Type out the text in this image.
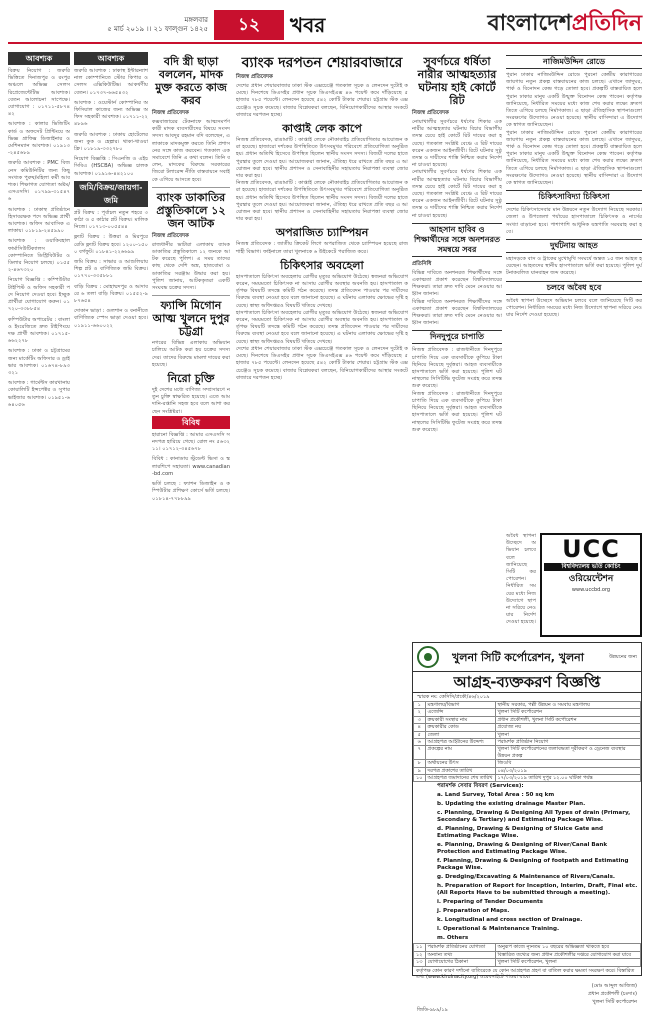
মঙ্গলবার
৫ মার্চ ২০১৯ ।। ২১ ফাল্গুন ১৪২৫	১২	খবর	বাংলাদেশপ্রতিদিন
আবশ্যক

বিক্রয় নিয়োগ : জরুরি ভিত্তিতে দিনাজপুর ও রংপুর অঞ্চলে অভিজ্ঞ সেলস রিপ্রেজেন্টেটিভ আবশ্যক। বেতন আলোচনা সাপেক্ষে। যোগাযোগ : ০১৭১১-৫৮৭৪৪২

আবশ্যক : কালার ভিজিটিং কার্ড ও অফসেট প্রিন্টিংয়ে অভিজ্ঞ গ্রাফিক্স ডিজাইনার ও মেশিনম্যান আবশ্যক। ০১৯১৩-২৪৫৬৮৯

জরুরি আবশ্যক : PMC বিজনেস কমিউনিটির জন্য কিছু সংখ্যক পুরুষ/মহিলা কর্মী আবশ্যক। শিক্ষাগত যোগ্যতা অষ্টম/এসএসসি। ০১৭৯৯-৩১৫৪৭৬

আবশ্যক : ঢাকাস্থ প্রতিষ্ঠানে হিসাবরক্ষক পদে অভিজ্ঞ প্রার্থী আবশ্যক। অফিস আবাসিক এলাকায়। ০১৮১৯-২৪৫৯৯০

আবশ্যক : ওয়াকিবহাল ফার্মাসিউটিক্যালস কোম্পানিতে ডিস্ট্রিবিউটর ও ডিলার নিয়োগ চলছে। ০১৫৫২-৪৬৭৩২০

নিয়োগ বিজ্ঞপ্তি : কম্পিউটার টাইপিস্ট ও অফিস সহকারী পদে নিয়োগ দেওয়া হবে। ইচ্ছুক প্রার্থীরা যোগাযোগ করুন। ০১৭২০-৩৩৮৮৫৪

কম্পিউটার অপারেটর : বাংলা ও ইংরেজিতে দ্রুত টাইপিংয়ে দক্ষ প্রার্থী আবশ্যক। ০১৭১৫-৬৬২২৭৮

আবশ্যক : ঢাকা ও চট্টগ্রামের জন্য মার্কেটিং অফিসার ও ড্রাইভার আবশ্যক। ০১৬৭৪-৮৯৩৩২১

আবশ্যক : গার্মেন্টস কারখানায় কোয়ালিটি ইন্সপেক্টর ও সুপারভাইজার আবশ্যক। ০১৯৫১-৬৬৪০৫৬

আবশ্যক

জরুরি আবশ্যক : ঢাকাস্থ ইন্টারন্যাশনাল কোম্পানিতে স্টোর কিপার ও সেলস এক্সিকিউটিভ। আকর্ষণীয় বেতন। ০১৭৩৭-৬৬৫৪৩২

আবশ্যক : ওয়েস্টার্ন কোম্পানির অফিসিয়াল কাজের জন্য অভিজ্ঞ অফিস সহকারী আবশ্যক। ০১৭১১-২২৪৮৯৬

জরুরি আবশ্যক : ঢাকায় হোটেলের জন্য কুক ও হেল্পার। থাকা-খাওয়া ফ্রি। ০১৮১৯-৩৩২৭৮০

নিয়োগ বিজ্ঞপ্তি : সিএনজি ও এইচসিবিএ (HSCBA) অভিজ্ঞ চালক আবশ্যক। ০১৯১৬-৪৪২১০০

জমি/বিক্রয়/জায়গা-জমি

প্লট বিক্রয় : পূর্বাচল নতুন শহরে ৩ কাঠা ও ৫ কাঠার প্লট বিক্রয়। মালিক নিজে। ০১৭১৩-০০৫৫৪৪

ফ্ল্যাট বিক্রয় : উত্তরা ও মিরপুরে রেডি ফ্ল্যাট বিক্রয় হবে। ১২০০-১৫০০ বর্গফুট। ০১৮৪১-২২৬৬৯৯

জমি বিক্রয় : সাভার ও আশুলিয়ায় শিল্প প্লট ও বাণিজ্যিক জমি বিক্রয়। ০১৭৭০-৩৩৫৮৮১

বাড়ি বিক্রয় : মোহাম্মদপুর ও আদাবরে ৬ তলা বাড়ি বিক্রয়। ০১৫৫২-৯৮৭৬৫৪

দোকান ভাড়া : গুলশান ও বনানীতে বাণিজ্যিক স্পেস ভাড়া দেওয়া হবে। ০১৯১১-৬৬০০২২

বদি স্ত্রী ছাড়া বললেন, মাদক মুক্ত করতে কাজ করব
নিজস্ব প্রতিবেদক
কক্সবাজারের টেকনাফে আত্মসমর্পণকারী মাদক ব্যবসায়ীদের বিষয়ে সংসদ সদস্য আবদুর রহমান বদি বলেছেন, এলাকাকে মাদকমুক্ত করতে তিনি প্রশাসনের সঙ্গে কাজ করবেন। গতকাল এক সমাবেশে তিনি এ কথা বলেন। তিনি বলেন, মাদকের বিরুদ্ধে সরকারের জিরো টলারেন্স নীতি বাস্তবায়নে সবাইকে এগিয়ে আসতে হবে।
ব্যাংক ডাকাতির প্রস্তুতিকালে ১২ জন আটক
নিজস্ব প্রতিবেদক
রাজধানীর ভাটারা এলাকায় ব্যাংক ডাকাতির প্রস্তুতিকালে ১২ জনকে আটক করেছে পুলিশ। এ সময় তাদের কাছ থেকে দেশি অস্ত্র, হাতবোমা ও ডাকাতির সরঞ্জাম উদ্ধার করা হয়। পুলিশ জানায়, আটককৃতরা একটি সংঘবদ্ধ চক্রের সদস্য।
ফ্যান্সি মিগোন আত্ম খুলনে দুপুর চট্টগ্রা
নগরের বিভিন্ন এলাকায় অভিযান চালিয়ে আটক করা হয় চক্রের সদস্যদের। তাদের বিরুদ্ধে মামলা দায়ের করা হয়েছে।
নিরো চুক্তি
দুই দেশের মধ্যে বাণিজ্য সম্প্রসারণে নতুন চুক্তি স্বাক্ষরিত হয়েছে। এতে আমদানি-রপ্তানি সহজ হবে বলে আশা করছেন সংশ্লিষ্টরা।
বিবিধ

হারানো বিজ্ঞপ্তি : আমার এসএসসি সনদপত্র হারিয়ে গেছে। রোল নং ৫৬৩২১১। ০১৭১২-৩৪৫৬৭৮

বিবিধ : কানাডায় স্টুডেন্ট ভিসা ও স্কলারশিপে সহায়তা। www.canadian-bd.com

ভর্তি চলছে : ফ্যাশন ডিজাইন ও কম্পিউটার প্রশিক্ষণ কোর্সে ভর্তি চলছে। ০১৮১৪-৭৭৮৮৯৯

ব্যাংক দরপতন শেয়ারবাজারে
নিজস্ব প্রতিবেদক
দেশের প্রধান শেয়ারবাজার ঢাকা স্টক এক্সচেঞ্জে গতকাল সূচক ও লেনদেন দুটোই কমেছে। দিনশেষে ডিএসইর প্রধান সূচক ডিএসইএক্স ৪৬ পয়েন্ট কমে দাঁড়িয়েছে ৫ হাজার ৭৮৫ পয়েন্টে। লেনদেন হয়েছে ৫৪২ কোটি টাকার শেয়ার। চট্টগ্রাম স্টক এক্সচেঞ্জেও সূচক কমেছে। বাজার বিশ্লেষকরা বলছেন, বিনিয়োগকারীদের আস্থার সংকটে বাজারে দরপতন হচ্ছে।
কাপ্তাই লেক কাপে
নিজস্ব প্রতিবেদক, রাঙামাটি : কাপ্তাই লেকে নৌকাবাইচ প্রতিযোগিতার আয়োজন করা হয়েছে। হাজারো দর্শকের উপস্থিতিতে উৎসবমুখর পরিবেশে প্রতিযোগিতা অনুষ্ঠিত হয়। প্রধান অতিথি হিসেবে উপস্থিত ছিলেন স্থানীয় সংসদ সদস্য। বিজয়ী দলের হাতে পুরস্কার তুলে দেওয়া হয়। আয়োজকরা জানান, ঐতিহ্য ধরে রাখতে প্রতি বছর এ আয়োজন করা হবে। স্থানীয় প্রশাসন ও সেনাবাহিনীর সহায়তায় নিরাপত্তা ব্যবস্থা জোরদার করা হয়।
নিজস্ব প্রতিবেদক, রাঙামাটি : কাপ্তাই লেকে নৌকাবাইচ প্রতিযোগিতার আয়োজন করা হয়েছে। হাজারো দর্শকের উপস্থিতিতে উৎসবমুখর পরিবেশে প্রতিযোগিতা অনুষ্ঠিত হয়। প্রধান অতিথি হিসেবে উপস্থিত ছিলেন স্থানীয় সংসদ সদস্য। বিজয়ী দলের হাতে পুরস্কার তুলে দেওয়া হয়। আয়োজকরা জানান, ঐতিহ্য ধরে রাখতে প্রতি বছর এ আয়োজন করা হবে। স্থানীয় প্রশাসন ও সেনাবাহিনীর সহায়তায় নিরাপত্তা ব্যবস্থা জোরদার করা হয়।
অপরাজিত চ্যাম্পিয়ন
নিজস্ব প্রতিবেদক : জাতীয় ক্রিকেট লিগে অপরাজিত থেকে চ্যাম্পিয়ন হয়েছে রাজশাহী বিভাগ। ফাইনালে তারা খুলনাকে ৬ উইকেটে পরাজিত করে।
চিকিৎসার অবহেলা
হাসপাতালে চিকিৎসা অবহেলায় রোগীর মৃত্যুর অভিযোগ উঠেছে। স্বজনরা অভিযোগ করেন, সময়মতো চিকিৎসক না আসায় রোগীর অবস্থার অবনতি হয়। হাসপাতাল কর্তৃপক্ষ বিষয়টি তদন্তে কমিটি গঠন করেছে। তদন্ত প্রতিবেদন পাওয়ার পর দায়ীদের বিরুদ্ধে ব্যবস্থা নেওয়া হবে বলে জানানো হয়েছে। এ ঘটনায় এলাকায় ক্ষোভের সৃষ্টি হয়েছে। স্বাস্থ্য অধিদপ্তরও বিষয়টি খতিয়ে দেখছে।
হাসপাতালে চিকিৎসা অবহেলায় রোগীর মৃত্যুর অভিযোগ উঠেছে। স্বজনরা অভিযোগ করেন, সময়মতো চিকিৎসক না আসায় রোগীর অবস্থার অবনতি হয়। হাসপাতাল কর্তৃপক্ষ বিষয়টি তদন্তে কমিটি গঠন করেছে। তদন্ত প্রতিবেদন পাওয়ার পর দায়ীদের বিরুদ্ধে ব্যবস্থা নেওয়া হবে বলে জানানো হয়েছে। এ ঘটনায় এলাকায় ক্ষোভের সৃষ্টি হয়েছে। স্বাস্থ্য অধিদপ্তরও বিষয়টি খতিয়ে দেখছে।
দেশের প্রধান শেয়ারবাজার ঢাকা স্টক এক্সচেঞ্জে গতকাল সূচক ও লেনদেন দুটোই কমেছে। দিনশেষে ডিএসইর প্রধান সূচক ডিএসইএক্স ৪৬ পয়েন্ট কমে দাঁড়িয়েছে ৫ হাজার ৭৮৫ পয়েন্টে। লেনদেন হয়েছে ৫৪২ কোটি টাকার শেয়ার। চট্টগ্রাম স্টক এক্সচেঞ্জেও সূচক কমেছে। বাজার বিশ্লেষকরা বলছেন, বিনিয়োগকারীদের আস্থার সংকটে বাজারে দরপতন হচ্ছে।
সুবর্ণচরে ধর্ষিতা নারীর আত্মহত্যার ঘটনায় হাই কোর্টে রিট
নিজস্ব প্রতিবেদক
নোয়াখালীর সুবর্ণচরে ধর্ষণের শিকার এক নারীর আত্মহত্যার ঘটনায় বিচার বিভাগীয় তদন্ত চেয়ে হাই কোর্টে রিট দায়ের করা হয়েছে। গতকাল সংশ্লিষ্ট বেঞ্চে এ রিট দায়ের করেন একজন আইনজীবী। রিটে ঘটনার সুষ্ঠু তদন্ত ও দায়ীদের শাস্তি নিশ্চিত করার নির্দেশনা চাওয়া হয়েছে।
নোয়াখালীর সুবর্ণচরে ধর্ষণের শিকার এক নারীর আত্মহত্যার ঘটনায় বিচার বিভাগীয় তদন্ত চেয়ে হাই কোর্টে রিট দায়ের করা হয়েছে। গতকাল সংশ্লিষ্ট বেঞ্চে এ রিট দায়ের করেন একজন আইনজীবী। রিটে ঘটনার সুষ্ঠু তদন্ত ও দায়ীদের শাস্তি নিশ্চিত করার নির্দেশনা চাওয়া হয়েছে।
আহসান হাবিব ও শিক্ষার্থীদের সঙ্গে অনশনরত সমন্বয়ে সবর
প্রতিনিধি
বিভিন্ন দাবিতে অনশনরত শিক্ষার্থীদের সঙ্গে একাত্মতা প্রকাশ করেছেন বিশ্ববিদ্যালয়ের শিক্ষকরা। তারা দ্রুত দাবি মেনে নেওয়ার আহ্বান জানান।
বিভিন্ন দাবিতে অনশনরত শিক্ষার্থীদের সঙ্গে একাত্মতা প্রকাশ করেছেন বিশ্ববিদ্যালয়ের শিক্ষকরা। তারা দ্রুত দাবি মেনে নেওয়ার আহ্বান জানান।
দিনদুপুরে চাপাতি
নিজস্ব প্রতিবেদক : রাজধানীতে দিনদুপুরে চাপাতি দিয়ে এক ব্যবসায়ীকে কুপিয়ে টাকা ছিনিয়ে নিয়েছে দুর্বৃত্তরা। আহত ব্যবসায়ীকে হাসপাতালে ভর্তি করা হয়েছে। পুলিশ ঘটনাস্থলের সিসিটিভি ফুটেজ সংগ্রহ করে তদন্ত শুরু করেছে।
নিজস্ব প্রতিবেদক : রাজধানীতে দিনদুপুরে চাপাতি দিয়ে এক ব্যবসায়ীকে কুপিয়ে টাকা ছিনিয়ে নিয়েছে দুর্বৃত্তরা। আহত ব্যবসায়ীকে হাসপাতালে ভর্তি করা হয়েছে। পুলিশ ঘটনাস্থলের সিসিটিভি ফুটেজ সংগ্রহ করে তদন্ত শুরু করেছে।
নাজিমউদ্দিন রোডে
পুরান ঢাকার নাজিমউদ্দিন রোডে পুরনো কেন্দ্রীয় কারাগারের জায়গায় নতুন প্রকল্প বাস্তবায়নের কাজ চলছে। এখানে জাদুঘর, পার্ক ও বিনোদন কেন্দ্র গড়ে তোলা হবে। প্রকল্পটি বাস্তবায়িত হলে পুরান ঢাকার মানুষ একটি উন্মুক্ত বিনোদন কেন্দ্র পাবেন। কর্তৃপক্ষ জানিয়েছে, নির্ধারিত সময়ের মধ্যে কাজ শেষ করার লক্ষ্যে দ্রুতগতিতে এগিয়ে চলছে নির্মাণকাজ। এ ছাড়া ঐতিহাসিক স্থাপনাগুলো সংরক্ষণের উদ্যোগও নেওয়া হয়েছে। স্থানীয় বাসিন্দারা এ উদ্যোগকে স্বাগত জানিয়েছেন।
পুরান ঢাকার নাজিমউদ্দিন রোডে পুরনো কেন্দ্রীয় কারাগারের জায়গায় নতুন প্রকল্প বাস্তবায়নের কাজ চলছে। এখানে জাদুঘর, পার্ক ও বিনোদন কেন্দ্র গড়ে তোলা হবে। প্রকল্পটি বাস্তবায়িত হলে পুরান ঢাকার মানুষ একটি উন্মুক্ত বিনোদন কেন্দ্র পাবেন। কর্তৃপক্ষ জানিয়েছে, নির্ধারিত সময়ের মধ্যে কাজ শেষ করার লক্ষ্যে দ্রুতগতিতে এগিয়ে চলছে নির্মাণকাজ। এ ছাড়া ঐতিহাসিক স্থাপনাগুলো সংরক্ষণের উদ্যোগও নেওয়া হয়েছে। স্থানীয় বাসিন্দারা এ উদ্যোগকে স্বাগত জানিয়েছেন।
চিকিৎসাবিদ্যা চিকিৎসা
দেশের চিকিৎসাসেবার মান উন্নয়নে নতুন উদ্যোগ নিয়েছে সরকার। জেলা ও উপজেলা পর্যায়ের হাসপাতালে চিকিৎসক ও নার্সের সংখ্যা বাড়ানো হবে। পাশাপাশি আধুনিক যন্ত্রপাতি সরবরাহ করা হবে।
দুর্ঘটনায় আহত
মহাসড়কে বাস ও ট্রাকের মুখোমুখি সংঘর্ষে অন্তত ১৫ জন আহত হয়েছেন। আহতদের স্থানীয় হাসপাতালে ভর্তি করা হয়েছে। পুলিশ দুর্ঘটনাকবলিত যানবাহন জব্দ করেছে।
চলবে অবৈধ হবে
অবৈধ স্থাপনা উচ্ছেদে অভিযান চলবে বলে জানিয়েছে সিটি করপোরেশন। নির্ধারিত সময়ের মধ্যে নিজ উদ্যোগে স্থাপনা সরিয়ে নেওয়ার নির্দেশ দেওয়া হয়েছে।
অবৈধ স্থাপনা উচ্ছেদে অভিযান চলবে বলে জানিয়েছে সিটি করপোরেশন। নির্ধারিত সময়ের মধ্যে নিজ উদ্যোগে স্থাপনা সরিয়ে নেওয়ার নির্দেশ দেওয়া হয়েছে।
UCC
বিশ্ববিদ্যালয় ভর্তি কোচিং
ওরিয়েন্টেশন
www.uccbd.org
খুলনা সিটি কর্পোরেশন, খুলনা	উন্নয়নের জন্য
আগ্রহ-ব্যক্তকরণ বিজ্ঞপ্তি
স্মারক নং: কেসিসি/প্রকৌ/৪৬/২০১৯
১	মন্ত্রণালয়/বিভাগ	স্থানীয় সরকার, পল্লী উন্নয়ন ও সমবায় মন্ত্রণালয়
২	এজেন্সি	খুলনা সিটি কর্পোরেশন
৩	ক্রয়কারী সংস্থার নাম	প্রধান প্রকৌশলী, খুলনা সিটি কর্পোরেশন
৪	ক্রয়কারীর কোড	প্রযোজ্য নয়
৫	জেলা	খুলনা
৬	আগ্রহপত্র আহ্বানের উদ্দেশ্য	পরামর্শক প্রতিষ্ঠান নিয়োগ
৭	প্রকল্পের নাম	খুলনা সিটি কর্পোরেশনের জলাবদ্ধতা দূরীকরণ ও ড্রেনেজ ব্যবস্থার উন্নয়ন প্রকল্প
৮	অর্থায়নের উৎস	জিওবি
৯	দরপত্র প্রকাশের তারিখ	০৪/০৩/২০১৯
১০	আগ্রহপত্র জমাদানের শেষ তারিখ	১৭/০৩/২০১৯ তারিখ দুপুর ১২.০০ ঘটিকা পর্যন্ত
পরামর্শক সেবার বিবরণ (Services):
a. Land Survey, Total Area : 50 sq km
b. Updating the existing drainage Master Plan.
c. Planning, Drawing & Designing All Types of drain (Primary, Secondary & Tertiary) and Estimating Package Wise.
d. Planning, Drawing & Designing of Sluice Gate and Estimating Package Wise.
e. Planning, Drawing & Designing of River/Canal Bank Protection and Estimating Package Wise.
f. Planning, Drawing & Designing of footpath and Estimating Package Wise.
g. Dredging/Excavating & Maintenance of Rivers/Canals.
h. Preparation of Report for Inception, Interim, Draft, Final etc. (All Reports Have to be submitted through a meeting).
i. Preparing of Tender Documents
j. Preparation of Maps.
k. Longitudinal and cross section of Drainage.
l. Operational & Maintenance Training.
m. Others
১১	পরামর্শক প্রতিষ্ঠানের যোগ্যতা	অনুরূপ কাজে ন্যূনতম ১০ বছরের অভিজ্ঞতা থাকতে হবে
১২	অন্যান্য তথ্য	বিস্তারিত তথ্যের জন্য প্রধান প্রকৌশলীর দপ্তরে যোগাযোগ করা যাবে
১৩	যোগাযোগের ঠিকানা	খুলনা সিটি কর্পোরেশন, খুলনা
কর্তৃপক্ষ কোন কারণ দর্শানো ব্যতিরেকে যে কোন আগ্রহপত্র গ্রহণ বা বাতিল করার ক্ষমতা সংরক্ষণ করে। বিস্তারিত তথ্য (www.khulnacity.org) ওয়েবসাইটে পাওয়া যাবে।
(মোঃ আব্দুল আজিজ)
প্রধান প্রকৌশলী (চঃদাঃ)
খুলনা সিটি কর্পোরেশন
জিডি-৯৮৯/১৯
